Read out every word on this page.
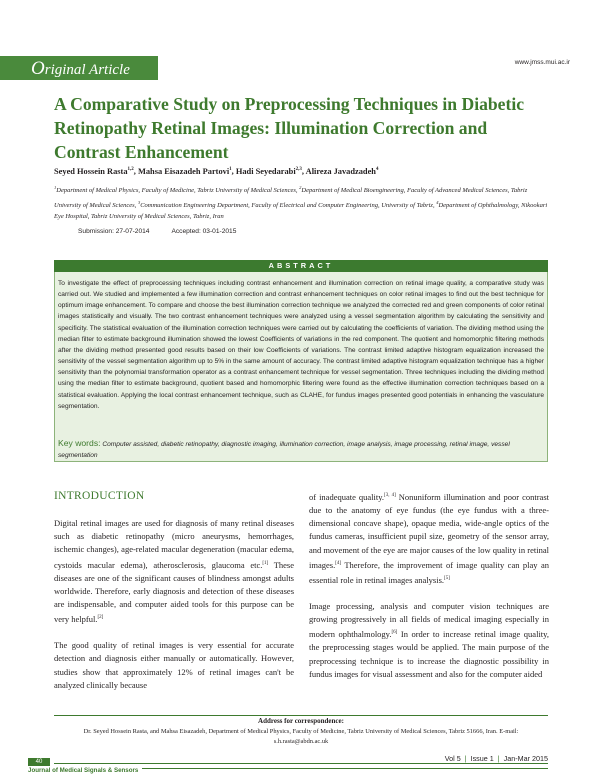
Original Article	www.jmss.mui.ac.ir
A Comparative Study on Preprocessing Techniques in Diabetic Retinopathy Retinal Images: Illumination Correction and Contrast Enhancement
Seyed Hossein Rasta$^{1,2}$, Mahsa Eisazadeh Partovi$^1$, Hadi Seyedarabi$^{2,3}$, Alireza Javadzadeh$^4$
$^1$Department of Medical Physics, Faculty of Medicine, Tabriz University of Medical Sciences, $^2$Department of Medical Bioengineering, Faculty of Advanced Medical Sciences, Tabriz University of Medical Sciences, $^3$Communication Engineering Department, Faculty of Electrical and Computer Engineering, University of Tabriz, $^4$Department of Ophthalmology, Nikookari Eye Hospital, Tabriz University of Medical Sciences, Tabriz, Iran
Submission: 27-07-2014	Accepted: 03-01-2015
ABSTRACT
To investigate the effect of preprocessing techniques including contrast enhancement and illumination correction on retinal image quality, a comparative study was carried out. We studied and implemented a few illumination correction and contrast enhancement techniques on color retinal images to find out the best technique for optimum image enhancement. To compare and choose the best illumination correction technique we analyzed the corrected red and green components of color retinal images statistically and visually. The two contrast enhancement techniques were analyzed using a vessel segmentation algorithm by calculating the sensitivity and specificity. The statistical evaluation of the illumination correction techniques were carried out by calculating the coefficients of variation. The dividing method using the median filter to estimate background illumination showed the lowest Coefficients of variations in the red component. The quotient and homomorphic filtering methods after the dividing method presented good results based on their low Coefficients of variations. The contrast limited adaptive histogram equalization increased the sensitivity of the vessel segmentation algorithm up to 5% in the same amount of accuracy. The contrast limited adaptive histogram equalization technique has a higher sensitivity than the polynomial transformation operator as a contrast enhancement technique for vessel segmentation. Three techniques including the dividing method using the median filter to estimate background, quotient based and homomorphic filtering were found as the effective illumination correction techniques based on a statistical evaluation. Applying the local contrast enhancement technique, such as CLAHE, for fundus images presented good potentials in enhancing the vasculature segmentation.
Key words: Computer assisted, diabetic retinopathy, diagnostic imaging, illumination correction, image analysis, image processing, retinal image, vessel segmentation
INTRODUCTION

Digital retinal images are used for diagnosis of many retinal diseases such as diabetic retinopathy (micro aneurysms, hemorrhages, ischemic changes), age-related macular degeneration (macular edema, cystoids macular edema), atherosclerosis, glaucoma etc.[1] These diseases are one of the significant causes of blindness amongst adults worldwide. Therefore, early diagnosis and detection of these diseases are indispensable, and computer aided tools for this purpose can be very helpful.[2]

The good quality of retinal images is very essential for accurate detection and diagnosis either manually or automatically. However, studies show that approximately 12% of retinal images can't be analyzed clinically because

of inadequate quality.[3, 4] Nonuniform illumination and poor contrast due to the anatomy of eye fundus (the eye fundus with a three-dimensional concave shape), opaque media, wide-angle optics of the fundus cameras, insufficient pupil size, geometry of the sensor array, and movement of the eye are major causes of the low quality in retinal images.[4] Therefore, the improvement of image quality can play an essential role in retinal images analysis.[5]

Image processing, analysis and computer vision techniques are growing progressively in all fields of medical imaging especially in modern ophthalmology.[6] In order to increase retinal image quality, the preprocessing stages would be applied. The main purpose of the preprocessing technique is to increase the diagnostic possibility in fundus images for visual assessment and also for the computer aided

Address for correspondence:
Dr. Seyed Hossein Rasta, and Mahsa Eisazadeh, Department of Medical Physics, Faculty of Medicine, Tabriz University of Medical Sciences, Tabriz 51666, Iran. E-mail: s.h.rasta@abdn.ac.uk
40	Vol 5 | Issue 1 | Jan-Mar 2015
Journal of Medical Signals & Sensors
